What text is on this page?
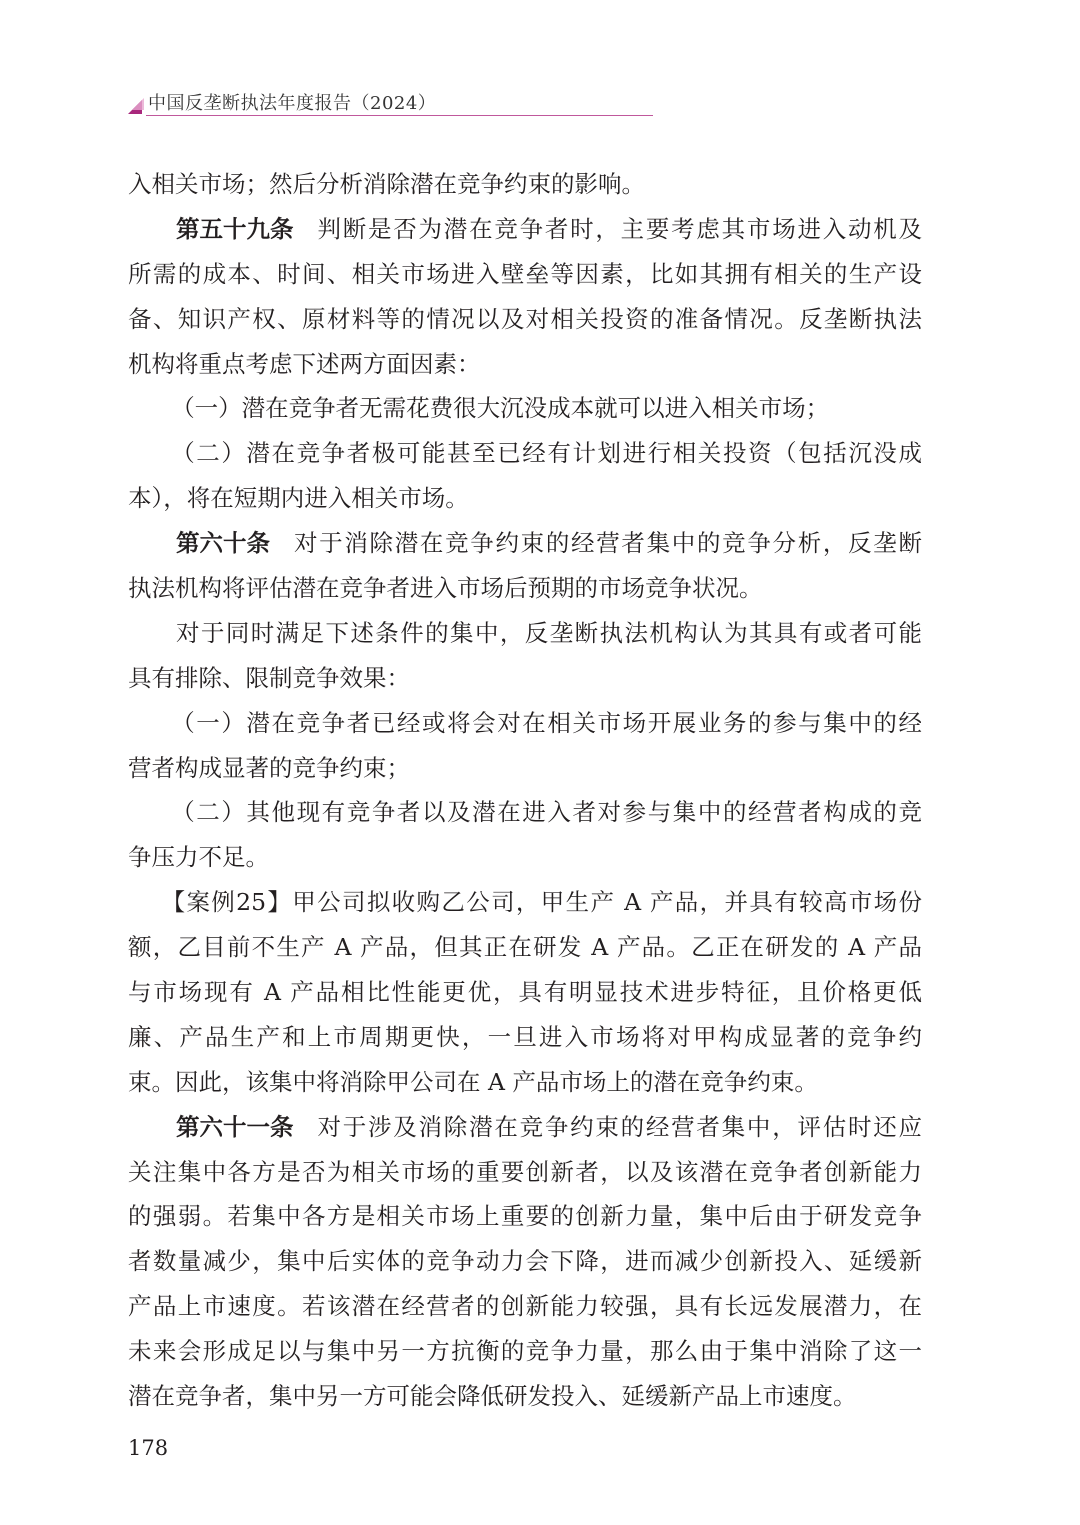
中国反垄断执法年度报告（2024）
入相关市场；然后分析消除潜在竞争约束的影响。
第五十九条 判断是否为潜在竞争者时，主要考虑其市场进入动机及
所需的成本、时间、相关市场进入壁垒等因素，比如其拥有相关的生产设
备、知识产权、原材料等的情况以及对相关投资的准备情况。反垄断执法
机构将重点考虑下述两方面因素：
（一）潜在竞争者无需花费很大沉没成本就可以进入相关市场；
（二）潜在竞争者极可能甚至已经有计划进行相关投资（包括沉没成
本），将在短期内进入相关市场。
第六十条 对于消除潜在竞争约束的经营者集中的竞争分析，反垄断
执法机构将评估潜在竞争者进入市场后预期的市场竞争状况。
对于同时满足下述条件的集中，反垄断执法机构认为其具有或者可能
具有排除、限制竞争效果：
（一）潜在竞争者已经或将会对在相关市场开展业务的参与集中的经
营者构成显著的竞争约束；
（二）其他现有竞争者以及潜在进入者对参与集中的经营者构成的竞
争压力不足。
【案例25】甲公司拟收购乙公司，甲生产 A 产品，并具有较高市场份
额，乙目前不生产 A 产品，但其正在研发 A 产品。乙正在研发的 A 产品
与市场现有 A 产品相比性能更优，具有明显技术进步特征，且价格更低
廉、产品生产和上市周期更快，一旦进入市场将对甲构成显著的竞争约
束。因此，该集中将消除甲公司在 A 产品市场上的潜在竞争约束。
第六十一条 对于涉及消除潜在竞争约束的经营者集中，评估时还应
关注集中各方是否为相关市场的重要创新者，以及该潜在竞争者创新能力
的强弱。若集中各方是相关市场上重要的创新力量，集中后由于研发竞争
者数量减少，集中后实体的竞争动力会下降，进而减少创新投入、延缓新
产品上市速度。若该潜在经营者的创新能力较强，具有长远发展潜力，在
未来会形成足以与集中另一方抗衡的竞争力量，那么由于集中消除了这一
潜在竞争者，集中另一方可能会降低研发投入、延缓新产品上市速度。
178
